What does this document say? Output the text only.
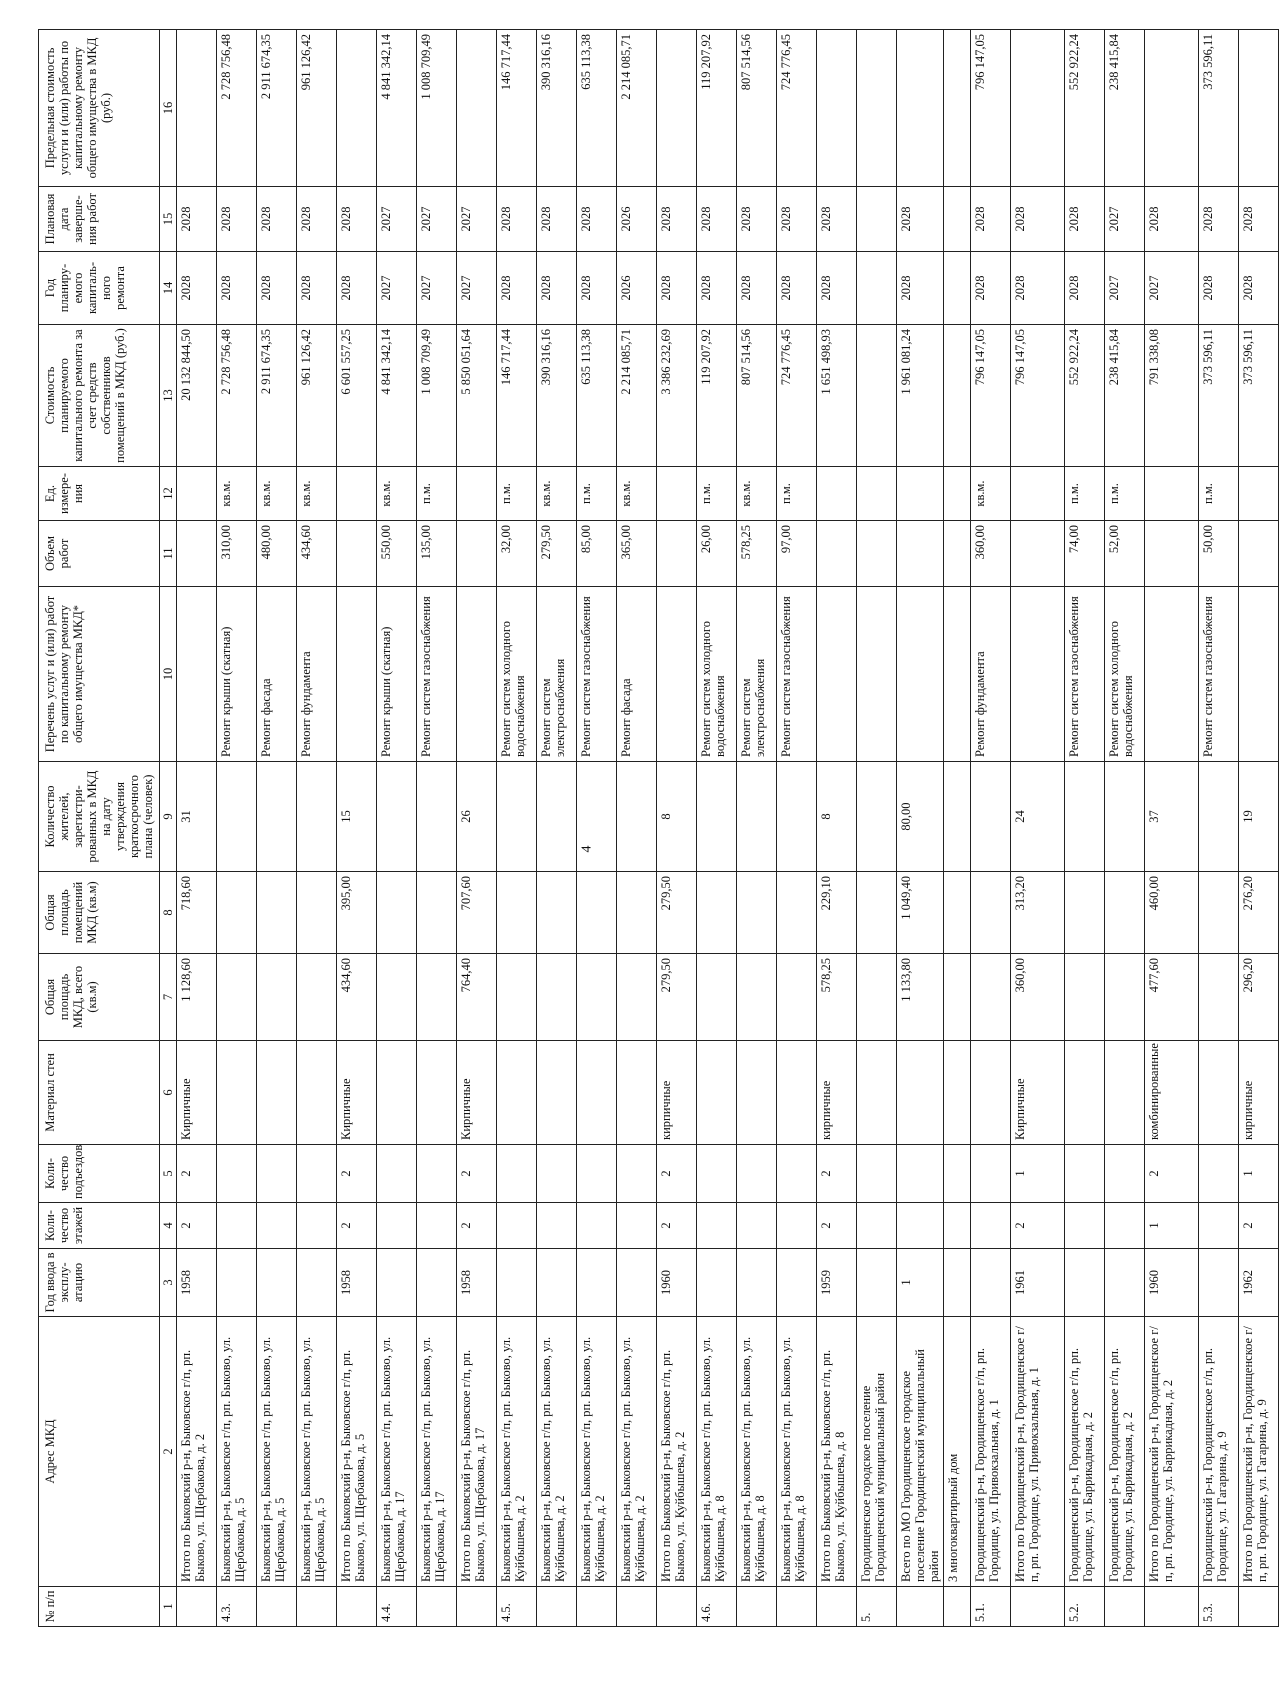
4
№ п/п	Адрес МКД	Год ввода в эксплу-атацию	Коли-чество этажей	Коли-чество подъездов	Материал стен	Общая площадь МКД, всего (кв.м)	Общая площадь помещений МКД (кв.м)	Количество жителей, зарегистри-рованных в МКД на дату утверждения краткосрочного плана (человек)	Перечень услуг и (или) работ по капитальному ремонту общего имущества МКД*	Объем работ	Ед. измере-ния	Стоимость планируемого капитального ремонта за счет средств собственников помещений в МКД (руб.)	Год планиру-емого капиталь-ного ремонта	Плановая дата заверше-ния работ	Предельная стоимость услуги и (или) работы по капитальному ремонту общего имущества в МКД (руб.)
1	2	3	4	5	6	7	8	9	10	11	12	13	14	15	16
	Итого по Быковский р-н, Быковское г/п, рп. Быково, ул. Щербакова, д. 2	1958	2	2	Кирпичные	1 128,60	718,60	31				20 132 844,50	2028	2028	
4.3.	Быковский р-н, Быковское г/п, рп. Быково, ул. Щербакова, д. 5								Ремонт крыши (скатная)	310,00	кв.м.	2 728 756,48	2028	2028	2 728 756,48
	Быковский р-н, Быковское г/п, рп. Быково, ул. Щербакова, д. 5								Ремонт фасада	480,00	кв.м.	2 911 674,35	2028	2028	2 911 674,35
	Быковский р-н, Быковское г/п, рп. Быково, ул. Щербакова, д. 5								Ремонт фундамента	434,60	кв.м.	961 126,42	2028	2028	961 126,42
	Итого по Быковский р-н, Быковское г/п, рп. Быково, ул. Щербакова, д. 5	1958	2	2	Кирпичные	434,60	395,00	15				6 601 557,25	2028	2028	
4.4.	Быковский р-н, Быковское г/п, рп. Быково, ул. Щербакова, д. 17								Ремонт крыши (скатная)	550,00	кв.м.	4 841 342,14	2027	2027	4 841 342,14
	Быковский р-н, Быковское г/п, рп. Быково, ул. Щербакова, д. 17								Ремонт систем газоснабжения	135,00	п.м.	1 008 709,49	2027	2027	1 008 709,49
	Итого по Быковский р-н, Быковское г/п, рп. Быково, ул. Щербакова, д. 17	1958	2	2	Кирпичные	764,40	707,60	26				5 850 051,64	2027	2027	
4.5.	Быковский р-н, Быковское г/п, рп. Быково, ул. Куйбышева, д. 2								Ремонт систем холодного водоснабжения	32,00	п.м.	146 717,44	2028	2028	146 717,44
	Быковский р-н, Быковское г/п, рп. Быково, ул. Куйбышева, д. 2								Ремонт систем электроснабжения	279,50	кв.м.	390 316,16	2028	2028	390 316,16
	Быковский р-н, Быковское г/п, рп. Быково, ул. Куйбышева, д. 2								Ремонт систем газоснабжения	85,00	п.м.	635 113,38	2028	2028	635 113,38
	Быковский р-н, Быковское г/п, рп. Быково, ул. Куйбышева, д. 2								Ремонт фасада	365,00	кв.м.	2 214 085,71	2026	2026	2 214 085,71
	Итого по Быковский р-н, Быковское г/п, рп. Быково, ул. Куйбышева, д. 2	1960	2	2	кирпичные	279,50	279,50	8				3 386 232,69	2028	2028	
4.6.	Быковский р-н, Быковское г/п, рп. Быково, ул. Куйбышева, д. 8								Ремонт систем холодного водоснабжения	26,00	п.м.	119 207,92	2028	2028	119 207,92
	Быковский р-н, Быковское г/п, рп. Быково, ул. Куйбышева, д. 8								Ремонт систем электроснабжения	578,25	кв.м.	807 514,56	2028	2028	807 514,56
	Быковский р-н, Быковское г/п, рп. Быково, ул. Куйбышева, д. 8								Ремонт систем газоснабжения	97,00	п.м.	724 776,45	2028	2028	724 776,45
	Итого по Быковский р-н, Быковское г/п, рп. Быково, ул. Куйбышева, д. 8	1959	2	2	кирпичные	578,25	229,10	8				1 651 498,93	2028	2028	
5.	Городищенское городское поселение Городищенский муниципальный район														
	Всего по МО Городищенское городское поселение Городищенский муниципальный район	1				1 133,80	1 049,40	80,00				1 961 081,24	2028	2028	
	3 многоквартирный дом														
5.1.	Городищенский р-н, Городищенское г/п, рп. Городище, ул. Привокзальная, д. 1								Ремонт фундамента	360,00	кв.м.	796 147,05	2028	2028	796 147,05
	Итого по Городищенский р-н, Городищенское г/п, рп. Городище, ул. Привокзальная, д. 1	1961	2	1	Кирпичные	360,00	313,20	24				796 147,05	2028	2028	
5.2.	Городищенский р-н, Городищенское г/п, рп. Городище, ул. Баррикадная, д. 2								Ремонт систем газоснабжения	74,00	п.м.	552 922,24	2028	2028	552 922,24
	Городищенский р-н, Городищенское г/п, рп. Городище, ул. Баррикадная, д. 2								Ремонт систем холодного водоснабжения	52,00	п.м.	238 415,84	2027	2027	238 415,84
	Итого по Городищенский р-н, Городищенское г/п, рп. Городище, ул. Баррикадная, д. 2	1960	1	2	комбинированные	477,60	460,00	37				791 338,08	2027	2028	
5.3.	Городищенский р-н, Городищенское г/п, рп. Городище, ул. Гагарина, д. 9								Ремонт систем газоснабжения	50,00	п.м.	373 596,11	2028	2028	373 596,11
	Итого по Городищенский р-н, Городищенское г/п, рп. Городище, ул. Гагарина, д. 9	1962	2	1	кирпичные	296,20	276,20	19				373 596,11	2028	2028	
